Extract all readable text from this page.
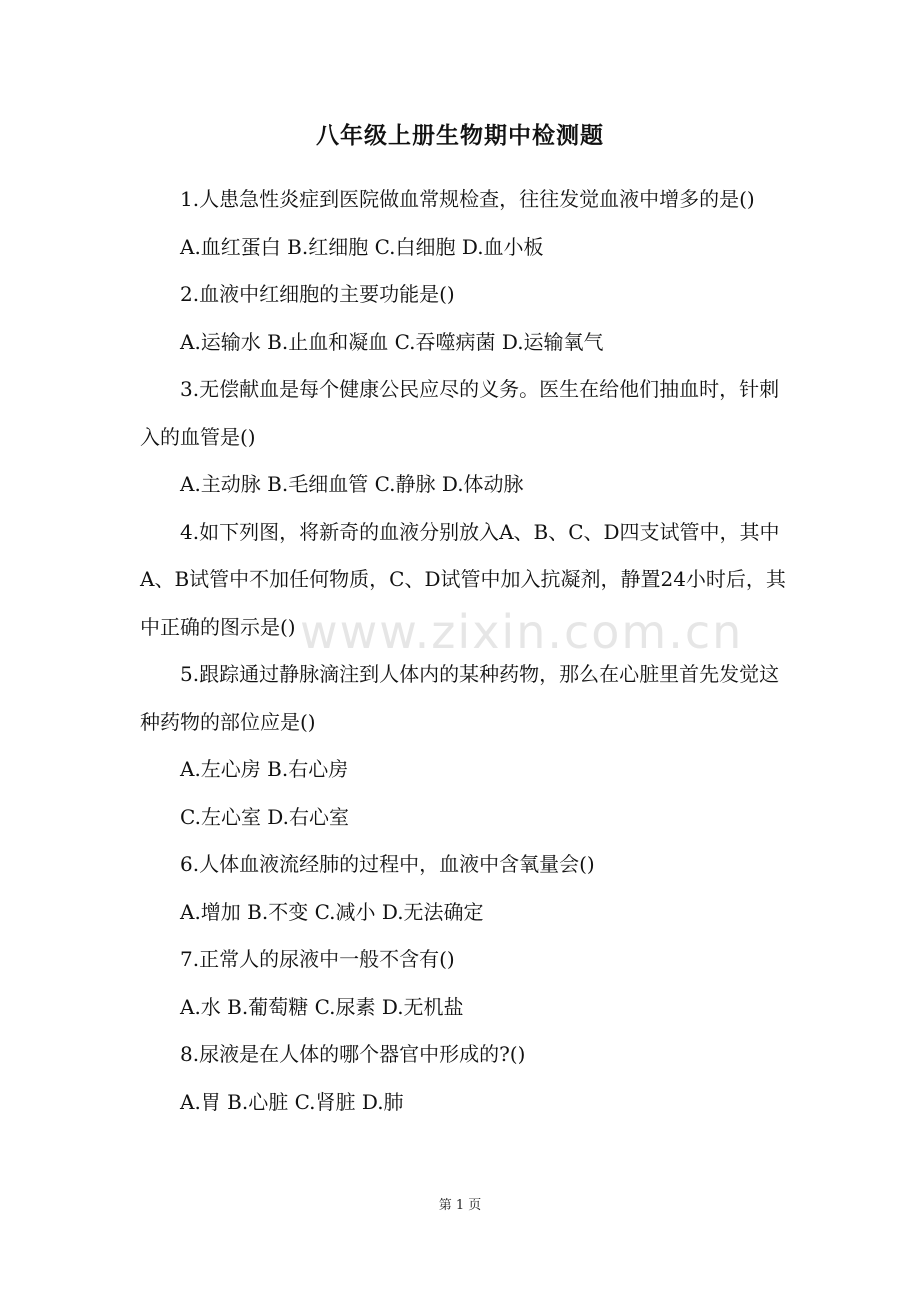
www.zixin.com.cn
八年级上册生物期中检测题

1.人患急性炎症到医院做血常规检查，往往发觉血液中增多的是()

A.血红蛋白 B.红细胞 C.白细胞 D.血小板

2.血液中红细胞的主要功能是()

A.运输水 B.止血和凝血 C.吞噬病菌 D.运输氧气

3.无偿献血是每个健康公民应尽的义务。医生在给他们抽血时，针刺入的血管是()

A.主动脉 B.毛细血管 C.静脉 D.体动脉

4.如下列图，将新奇的血液分别放入A、B、C、D四支试管中，其中A、B试管中不加任何物质，C、D试管中加入抗凝剂，静置24小时后，其中正确的图示是()

5.跟踪通过静脉滴注到人体内的某种药物，那么在心脏里首先发觉这种药物的部位应是()

A.左心房 B.右心房

C.左心室 D.右心室

6.人体血液流经肺的过程中，血液中含氧量会()

A.增加 B.不变 C.减小 D.无法确定

7.正常人的尿液中一般不含有()

A.水 B.葡萄糖 C.尿素 D.无机盐

8.尿液是在人体的哪个器官中形成的?()

A.胃 B.心脏 C.肾脏 D.肺

第 1 页
